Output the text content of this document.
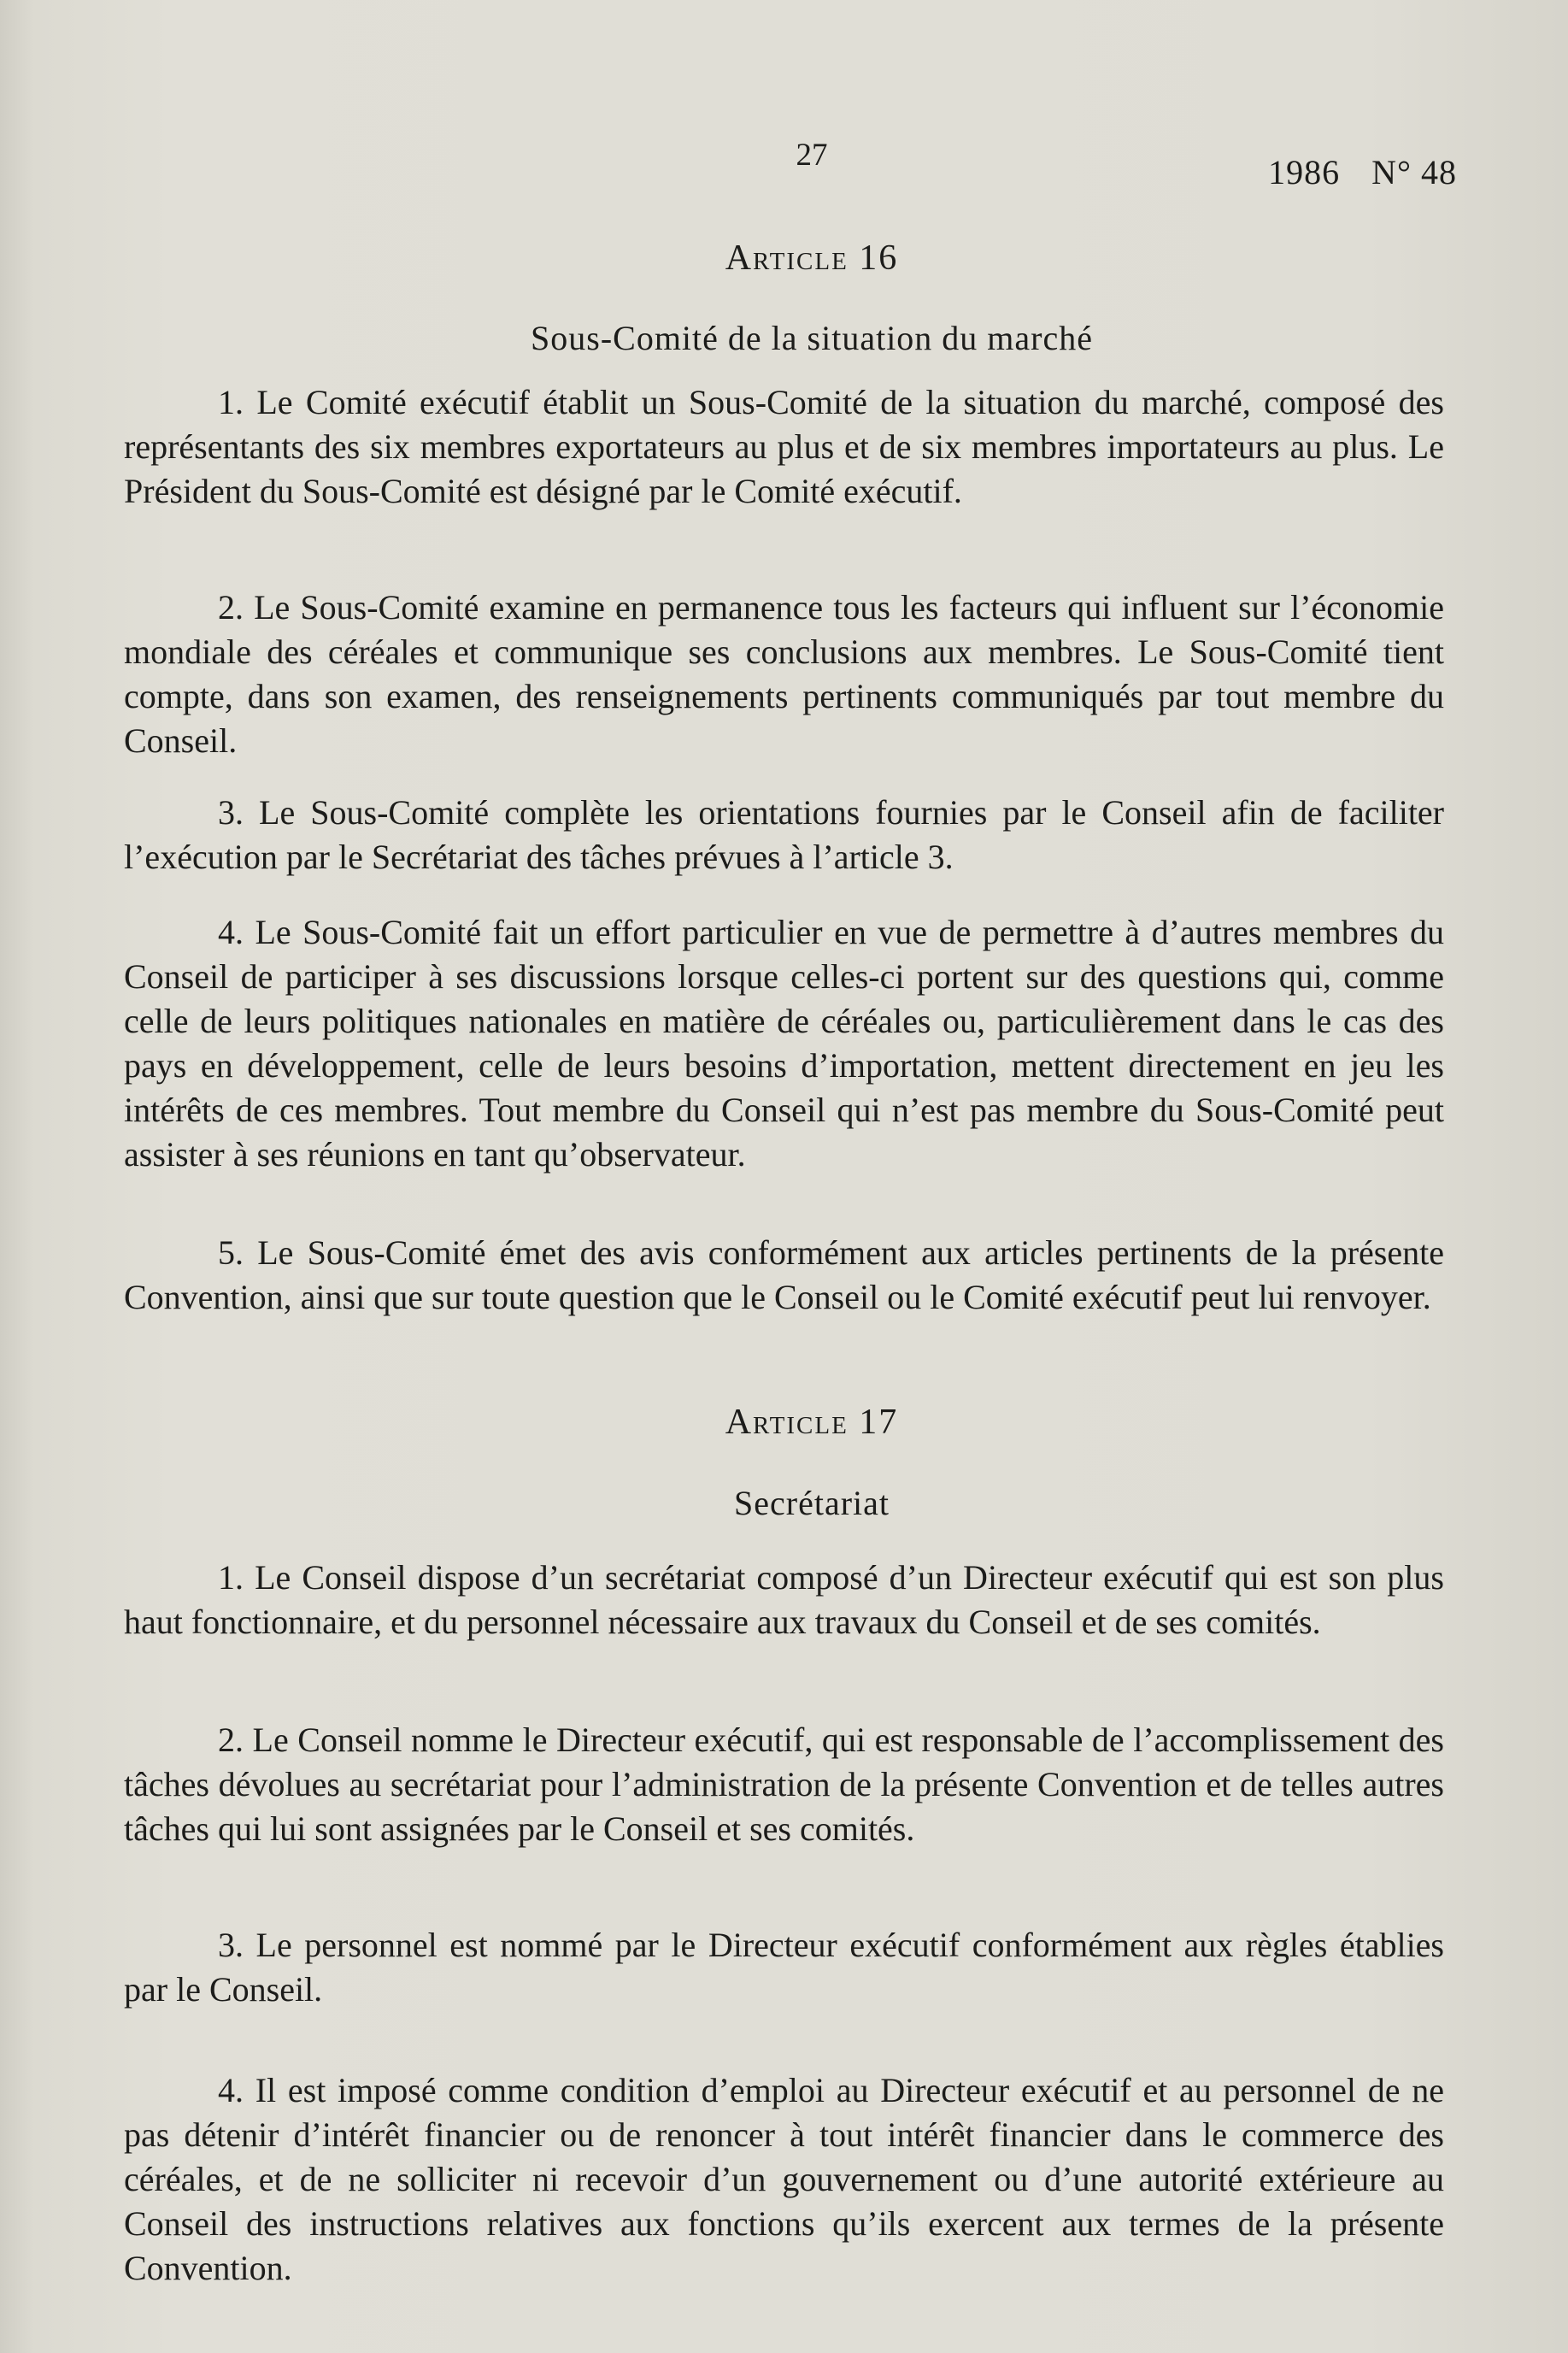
27	1986 N° 48
Article 16
Sous-Comité de la situation du marché

1. Le Comité exécutif établit un Sous-Comité de la situation du marché, composé des représentants des six membres exportateurs au plus et de six membres importateurs au plus. Le Président du Sous-Comité est désigné par le Comité exécutif.

2. Le Sous-Comité examine en permanence tous les facteurs qui influent sur l’économie mondiale des céréales et communique ses conclusions aux membres. Le Sous-Comité tient compte, dans son examen, des renseignements pertinents communiqués par tout membre du Conseil.

3. Le Sous-Comité complète les orientations fournies par le Conseil afin de faciliter l’exécution par le Secrétariat des tâches prévues à l’article 3.

4. Le Sous-Comité fait un effort particulier en vue de permettre à d’autres membres du Conseil de participer à ses discussions lorsque celles-ci portent sur des questions qui, comme celle de leurs politiques nationales en matière de céréales ou, particulièrement dans le cas des pays en développement, celle de leurs besoins d’importation, mettent directement en jeu les intérêts de ces membres. Tout membre du Conseil qui n’est pas membre du Sous-Comité peut assister à ses réunions en tant qu’observateur.

5. Le Sous-Comité émet des avis conformément aux articles pertinents de la présente Convention, ainsi que sur toute question que le Conseil ou le Comité exécutif peut lui renvoyer.

Article 17
Secrétariat

1. Le Conseil dispose d’un secrétariat composé d’un Directeur exécutif qui est son plus haut fonctionnaire, et du personnel nécessaire aux travaux du Conseil et de ses comités.

2. Le Conseil nomme le Directeur exécutif, qui est responsable de l’accomplissement des tâches dévolues au secrétariat pour l’administration de la présente Convention et de telles autres tâches qui lui sont assignées par le Conseil et ses comités.

3. Le personnel est nommé par le Directeur exécutif conformément aux règles établies par le Conseil.

4. Il est imposé comme condition d’emploi au Directeur exécutif et au personnel de ne pas détenir d’intérêt financier ou de renoncer à tout intérêt financier dans le commerce des céréales, et de ne solliciter ni recevoir d’un gouvernement ou d’une autorité extérieure au Conseil des instructions relatives aux fonctions qu’ils exercent aux termes de la présente Convention.
